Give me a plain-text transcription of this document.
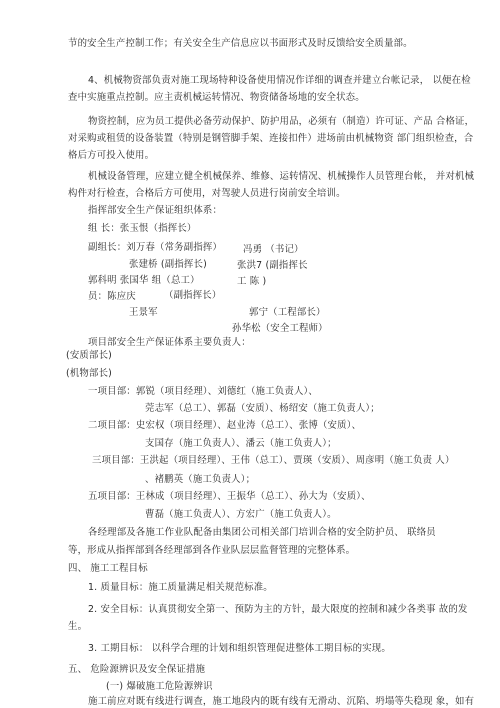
节的安全生产控制工作；有关安全生产信息应以书面形式及时反馈给安全质量部。
4、机械物资部负责对施工现场特种设备使用情况作详细的调查并建立台帐记录， 以便在检
查中实施重点控制。应主责机械运转情况、物资储备场地的安全状态。
物资控制，应为员工提供必备劳动保护、防护用品，必须有（制造）许可证、产品 合格证，
对采购或租赁的设备装置（特别是钢管脚手架、连接扣件）进场前由机械物资 部门组织检查，合
格后方可投入使用。
机械设备管理，应建立健全机械保养、维修、运转情况、机械操作人员管理台帐， 并对机械
构件对行检查，合格后方可使用，对驾驶人员进行岗前安全培训。
指挥部安全生产保证组织体系：
组 长：张玉恨（指挥长）
副组长：刘万春（常务副指挥） 冯勇 （书记）
张建桥 (副指挥长)	张洪7 (副指挥长
郭科明 张国华 组（总工）	工 陈 )
员：陈应庆	（副指挥长）
王景军	郭宁（工程部长）
孙华松（安全工程师）
项目部安全生产保证体系主要负责人：
(安质部长)
(机物部长)
一项目部：郭锐（项目经理）、刘德红（施工负责人）、
莞志军（总工）、郭磊（安质）、杨绍安（施工负责人）；
二项目部：史宏权（项目经理）、赵业涛（总工）、张博（安质）、
支国存（施工负责人）、潘云（施工负责人）；
三项目部：王洪起（项目经理）、王伟（总工）、贾瑛（安质）、周彦明（施工负责 人）
、褚鹏英（施工负责人）；
五项目部：王林成（项目经理）、王振华（总工）、孙大为（安质）、
曹磊（施工负责人）、方宏广（施工负责人）。
各经理部及各施工作业队配备由集团公司相关部门培训合格的安全防护员、 联络员
等，形成从指挥部到各经理部到各作业队层层监督管理的完整体系。
四、 施工工程目标
1. 质量目标：施工质量满足相关规范标准。
2. 安全目标：认真贯彻安全第一、预防为主的方针，最大限度的控制和减少各类事 故的发
生。
3. 工期目标： 以科学合理的计划和组织管理促进整体工期目标的实现。
五、 危险源辨识及安全保证措施
(一) 爆破施工危险源辨识
施工前应对既有线进行调查，施工地段内的既有线有无滑动、沉陷、坍塌等失稳现 象，如有
